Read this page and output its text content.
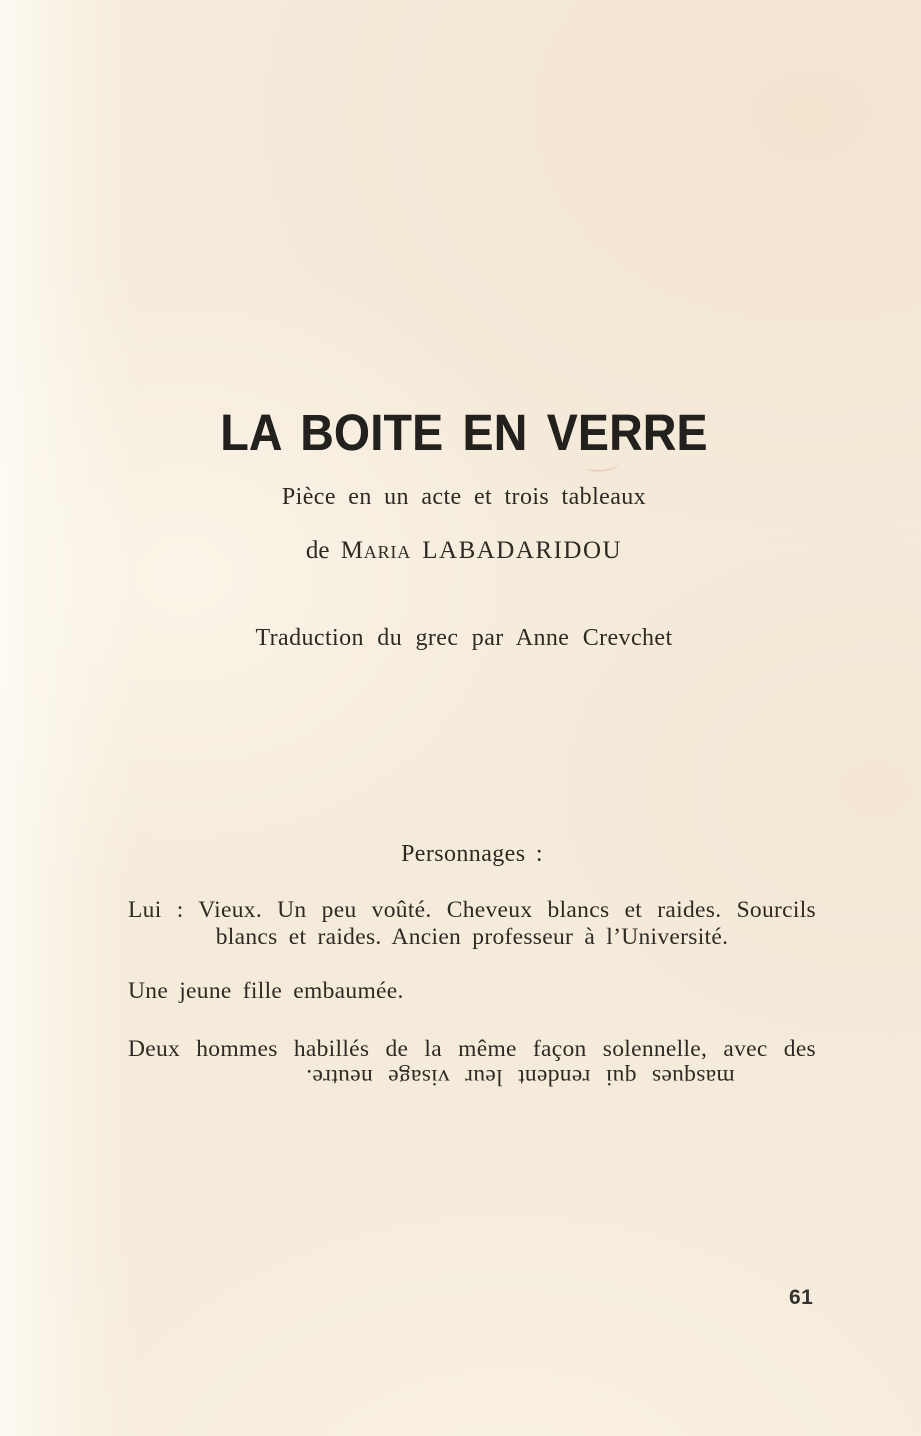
LA BOITE EN VERRE

Pièce en un acte et trois tableaux

de Maria LABADARIDOU

Traduction du grec par Anne Crevchet

Personnages :

Lui : Vieux. Un peu voûté. Cheveux blancs et raides. Sourcils

blancs et raides. Ancien professeur à l’Université.

Une jeune fille embaumée.

Deux hommes habillés de la même façon solennelle, avec des

masques qui rendent leur visage neutre.

61
